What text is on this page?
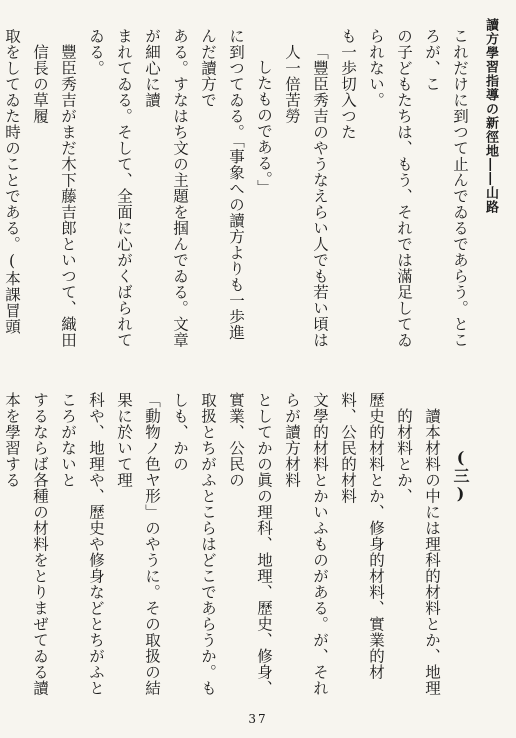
讀方學習指導の新徑地――山路
これだけに到つて止んでゐるであらう。ところが、こ
の子どもたちは、もう、それでは滿足してゐられない。
も一歩切入つた
「豐臣秀吉のやうなえらい人でも若い頃は人一倍苦勞
したものである。」
に到つてゐる。「事象への讀方よりも一歩進んだ讀方で
ある。すなはち文の主題を掴んでゐる。文章が細心に讀
まれてゐる。そして、全面に心がくばられてゐる。
豐臣秀吉がまだ木下藤吉郎といつて、織田信長の草履
取をしてゐた時のことである。(本課冒頭
(三)
讀本材料の中には理科的材料とか、地理的材料とか、
歷史的材料とか、修身的材料、實業的材料、公民的材料
文學的材料とかいふものがある。が、それらが讀方材料
としてかの眞の理科、地理、歷史、修身、實業、公民の
取扱とちがふとこらはどこであらうか。もしも、かの
「動物ノ色ヤ形」のやうに。その取扱の結果に於いて理
科や、地理や、歷史や修身などとちがふところがないと
するならば各種の材料をとりまぜてゐる讀本を學習する
37
